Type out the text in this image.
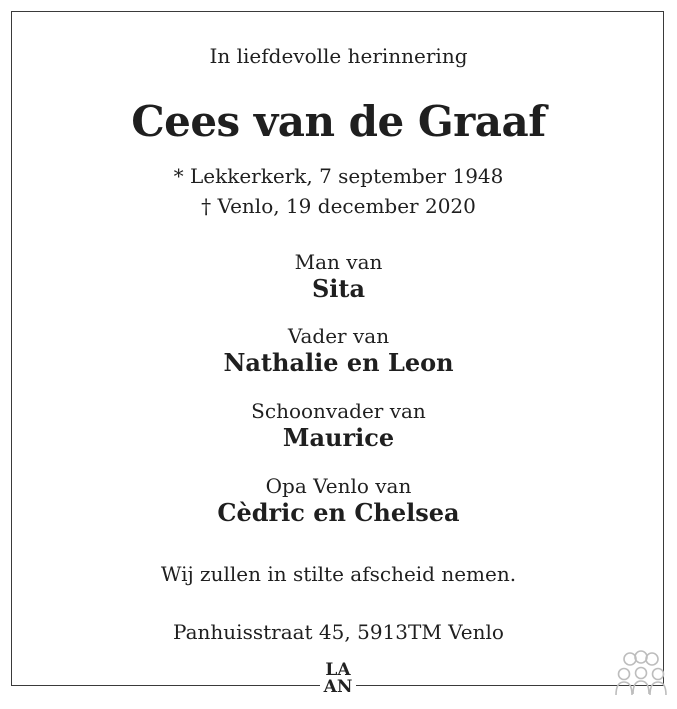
In liefdevolle herinnering
Cees van de Graaf
* Lekkerkerk, 7 september 1948
† Venlo, 19 december 2020
Man van
Sita
Vader van
Nathalie en Leon
Schoonvader van
Maurice
Opa Venlo van
Cèdric en Chelsea
Wij zullen in stilte afscheid nemen.
Panhuisstraat 45, 5913TM Venlo
LA
AN
